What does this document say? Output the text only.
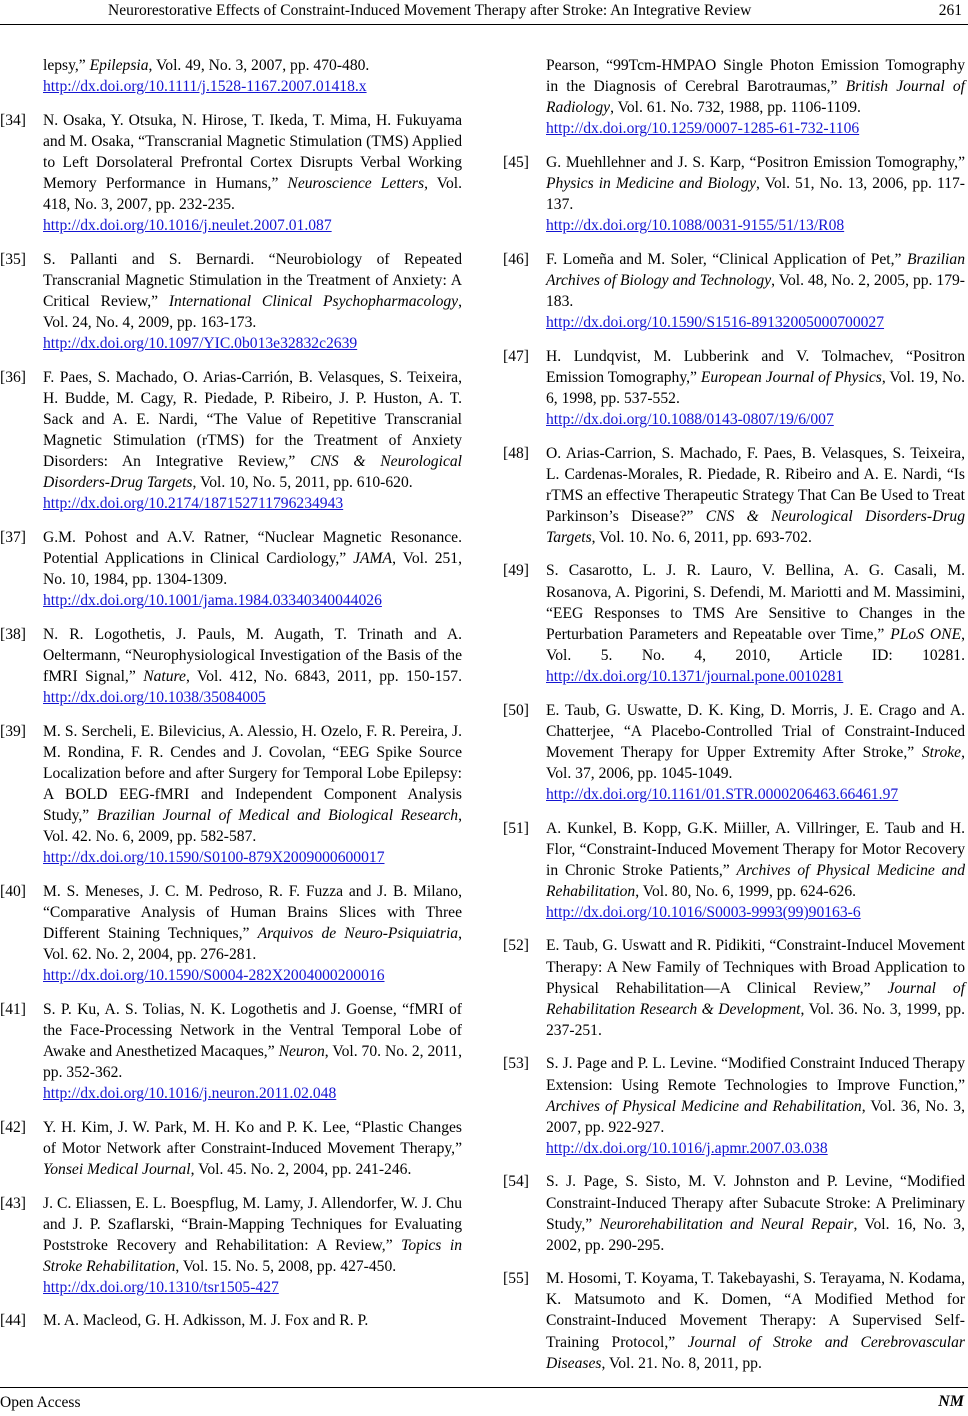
Neurorestorative Effects of Constraint-Induced Movement Therapy after Stroke: An Integrative Review	261
lepsy,” Epilepsia, Vol. 49, No. 3, 2007, pp. 470-480.
http://dx.doi.org/10.1111/j.1528-1167.2007.01418.x
[34]	N. Osaka, Y. Otsuka, N. Hirose, T. Ikeda, T. Mima, H. Fukuyama and M. Osaka, “Transcranial Magnetic Stimulation (TMS) Applied to Left Dorsolateral Prefrontal Cortex Disrupts Verbal Working Memory Performance in Humans,” Neuroscience Letters, Vol. 418, No. 3, 2007, pp. 232-235.
http://dx.doi.org/10.1016/j.neulet.2007.01.087
[35]	S. Pallanti and S. Bernardi. “Neurobiology of Repeated Transcranial Magnetic Stimulation in the Treatment of Anxiety: A Critical Review,” International Clinical Psychopharmacology, Vol. 24, No. 4, 2009, pp. 163-173.
http://dx.doi.org/10.1097/YIC.0b013e32832c2639
[36]	F. Paes, S. Machado, O. Arias-Carrión, B. Velasques, S. Teixeira, H. Budde, M. Cagy, R. Piedade, P. Ribeiro, J. P. Huston, A. T. Sack and A. E. Nardi, “The Value of Repetitive Transcranial Magnetic Stimulation (rTMS) for the Treatment of Anxiety Disorders: An Integrative Review,” CNS & Neurological Disorders-Drug Targets, Vol. 10, No. 5, 2011, pp. 610-620.
http://dx.doi.org/10.2174/187152711796234943
[37]	G.M. Pohost and A.V. Ratner, “Nuclear Magnetic Resonance. Potential Applications in Clinical Cardiology,” JAMA, Vol. 251, No. 10, 1984, pp. 1304-1309.
http://dx.doi.org/10.1001/jama.1984.03340340044026
[38]	N. R. Logothetis, J. Pauls, M. Augath, T. Trinath and A. Oeltermann, “Neurophysiological Investigation of the Basis of the fMRI Signal,” Nature, Vol. 412, No. 6843, 2011, pp. 150-157. http://dx.doi.org/10.1038/35084005
[39]	M. S. Sercheli, E. Bilevicius, A. Alessio, H. Ozelo, F. R. Pereira, J. M. Rondina, F. R. Cendes and J. Covolan, “EEG Spike Source Localization before and after Surgery for Temporal Lobe Epilepsy: A BOLD EEG-fMRI and Independent Component Analysis Study,” Brazilian Journal of Medical and Biological Research, Vol. 42. No. 6, 2009, pp. 582-587.
http://dx.doi.org/10.1590/S0100-879X2009000600017
[40]	M. S. Meneses, J. C. M. Pedroso, R. F. Fuzza and J. B. Milano, “Comparative Analysis of Human Brains Slices with Three Different Staining Techniques,” Arquivos de Neuro-Psiquiatria, Vol. 62. No. 2, 2004, pp. 276-281.
http://dx.doi.org/10.1590/S0004-282X2004000200016
[41]	S. P. Ku, A. S. Tolias, N. K. Logothetis and J. Goense, “fMRI of the Face-Processing Network in the Ventral Temporal Lobe of Awake and Anesthetized Macaques,” Neuron, Vol. 70. No. 2, 2011, pp. 352-362.
http://dx.doi.org/10.1016/j.neuron.2011.02.048
[42]	Y. H. Kim, J. W. Park, M. H. Ko and P. K. Lee, “Plastic Changes of Motor Network after Constraint-Induced Movement Therapy,” Yonsei Medical Journal, Vol. 45. No. 2, 2004, pp. 241-246.
[43]	J. C. Eliassen, E. L. Boespflug, M. Lamy, J. Allendorfer, W. J. Chu and J. P. Szaflarski, “Brain-Mapping Techniques for Evaluating Poststroke Recovery and Rehabilitation: A Review,” Topics in Stroke Rehabilitation, Vol. 15. No. 5, 2008, pp. 427-450.
http://dx.doi.org/10.1310/tsr1505-427
[44]	M. A. Macleod, G. H. Adkisson, M. J. Fox and R. P.
Pearson, “99Tcm-HMPAO Single Photon Emission Tomography in the Diagnosis of Cerebral Barotraumas,” British Journal of Radiology, Vol. 61. No. 732, 1988, pp. 1106-1109.
http://dx.doi.org/10.1259/0007-1285-61-732-1106
[45]	G. Muehllehner and J. S. Karp, “Positron Emission Tomography,” Physics in Medicine and Biology, Vol. 51, No. 13, 2006, pp. 117-137.
http://dx.doi.org/10.1088/0031-9155/51/13/R08
[46]	F. Lomeña and M. Soler, “Clinical Application of Pet,” Brazilian Archives of Biology and Technology, Vol. 48, No. 2, 2005, pp. 179-183.
http://dx.doi.org/10.1590/S1516-89132005000700027
[47]	H. Lundqvist, M. Lubberink and V. Tolmachev, “Positron Emission Tomography,” European Journal of Physics, Vol. 19, No. 6, 1998, pp. 537-552.
http://dx.doi.org/10.1088/0143-0807/19/6/007
[48]	O. Arias-Carrion, S. Machado, F. Paes, B. Velasques, S. Teixeira, L. Cardenas-Morales, R. Piedade, R. Ribeiro and A. E. Nardi, “Is rTMS an effective Therapeutic Strategy That Can Be Used to Treat Parkinson’s Disease?” CNS & Neurological Disorders-Drug Targets, Vol. 10. No. 6, 2011, pp. 693-702.
[49]	S. Casarotto, L. J. R. Lauro, V. Bellina, A. G. Casali, M. Rosanova, A. Pigorini, S. Defendi, M. Mariotti and M. Massimini, “EEG Responses to TMS Are Sensitive to Changes in the Perturbation Parameters and Repeatable over Time,” PLoS ONE, Vol. 5. No. 4, 2010, Article ID: 10281. http://dx.doi.org/10.1371/journal.pone.0010281
[50]	E. Taub, G. Uswatte, D. K. King, D. Morris, J. E. Crago and A. Chatterjee, “A Placebo-Controlled Trial of Constraint-Induced Movement Therapy for Upper Extremity After Stroke,” Stroke, Vol. 37, 2006, pp. 1045-1049.
http://dx.doi.org/10.1161/01.STR.0000206463.66461.97
[51]	A. Kunkel, B. Kopp, G.K. Miiller, A. Villringer, E. Taub and H. Flor, “Constraint-Induced Movement Therapy for Motor Recovery in Chronic Stroke Patients,” Archives of Physical Medicine and Rehabilitation, Vol. 80, No. 6, 1999, pp. 624-626.
http://dx.doi.org/10.1016/S0003-9993(99)90163-6
[52]	E. Taub, G. Uswatt and R. Pidikiti, “Constraint-Inducel Movement Therapy: A New Family of Techniques with Broad Application to Physical Rehabilitation—A Clinical Review,” Journal of Rehabilitation Research & Development, Vol. 36. No. 3, 1999, pp. 237-251.
[53]	S. J. Page and P. L. Levine. “Modified Constraint Induced Therapy Extension: Using Remote Technologies to Improve Function,” Archives of Physical Medicine and Rehabilitation, Vol. 36, No. 3, 2007, pp. 922-927.
http://dx.doi.org/10.1016/j.apmr.2007.03.038
[54]	S. J. Page, S. Sisto, M. V. Johnston and P. Levine, “Modified Constraint-Induced Therapy after Subacute Stroke: A Preliminary Study,” Neurorehabilitation and Neural Repair, Vol. 16, No. 3, 2002, pp. 290-295.
[55]	M. Hosomi, T. Koyama, T. Takebayashi, S. Terayama, N. Kodama, K. Matsumoto and K. Domen, “A Modified Method for Constraint-Induced Movement Therapy: A Supervised Self-Training Protocol,” Journal of Stroke and Cerebrovascular Diseases, Vol. 21. No. 8, 2011, pp.
Open Access	NM
